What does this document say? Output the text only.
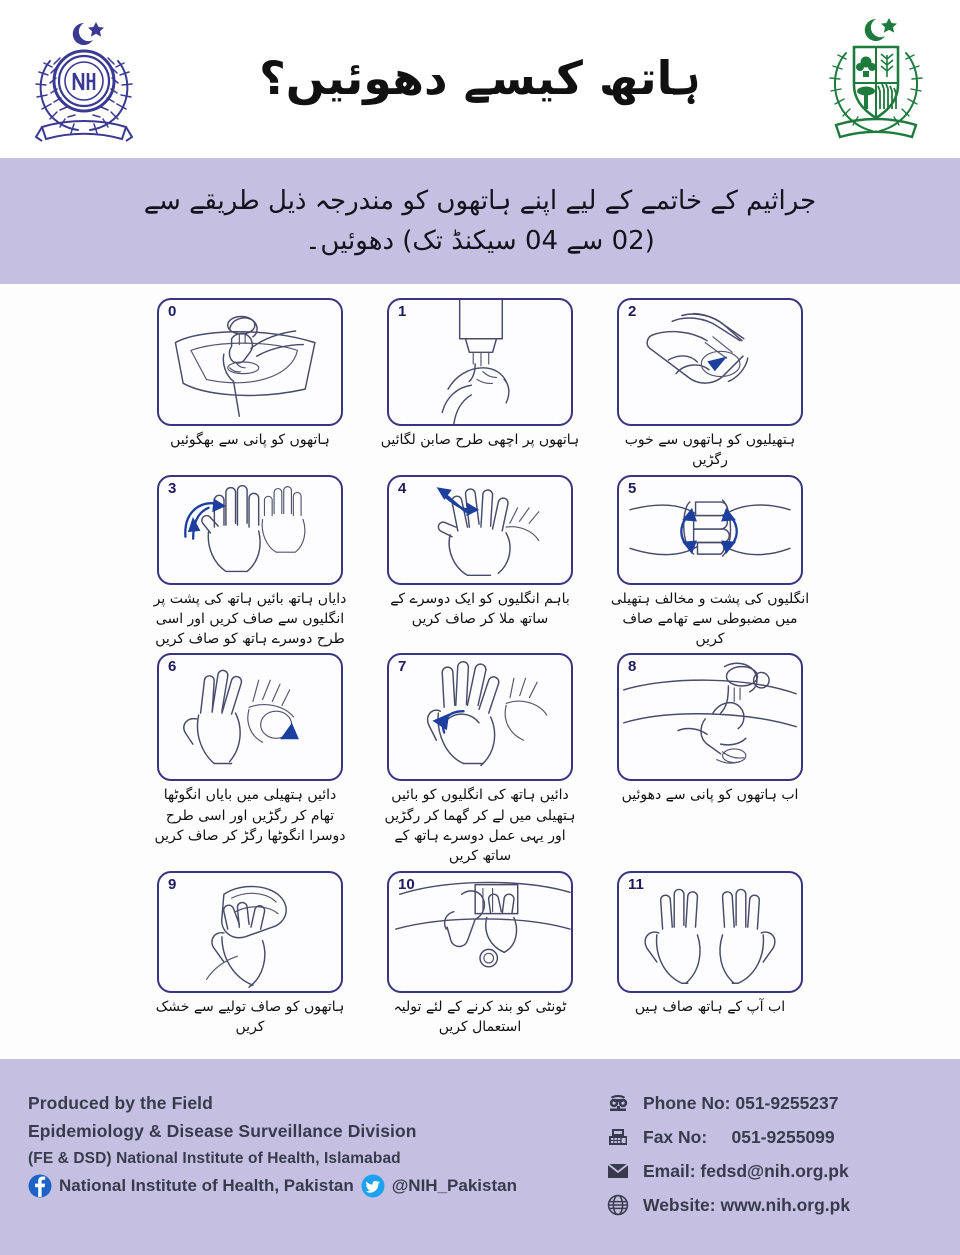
ہاتھ کیسے دھوئیں؟
جراثیم کے خاتمے کے لیے اپنے ہاتھوں کو مندرجہ ذیل طریقے سے
(20 سے 40 سیکنڈ تک) دھوئیں۔
0
ہاتھوں کو پانی سے بھگوئیں
1
ہاتھوں پر اچھی طرح صابن لگائیں
2
ہتھیلیوں کو ہاتھوں سے خوب رگڑیں
3
دایاں ہاتھ بائیں ہاتھ کی پشت پر انگلیوں سے صاف کریں اور اسی طرح دوسرے ہاتھ کو صاف کریں
4
باہم انگلیوں کو ایک دوسرے کے ساتھ ملا کر صاف کریں
5
انگلیوں کی پشت و مخالف ہتھیلی میں مضبوطی سے تھامے صاف کریں
6
دائیں ہتھیلی میں بایاں انگوٹھا تھام کر رگڑیں اور اسی طرح دوسرا انگوٹھا رگڑ کر صاف کریں
7
دائیں ہاتھ کی انگلیوں کو بائیں ہتھیلی میں لے کر گھما کر رگڑیں اور یہی عمل دوسرے ہاتھ کے ساتھ کریں
8
اب ہاتھوں کو پانی سے دھوئیں
9
ہاتھوں کو صاف تولیے سے خشک کریں
10
ٹونٹی کو بند کرنے کے لئے تولیہ استعمال کریں
11
اب آپ کے ہاتھ صاف ہیں
Produced by the Field
Epidemiology & Disease Surveillance Division
(FE & DSD) National Institute of Health, Islamabad
National Institute of Health, Pakistan @NIH_Pakistan
Phone No: 051-9255237
Fax No:     051-9255099
Email: fedsd@nih.org.pk
Website: www.nih.org.pk
